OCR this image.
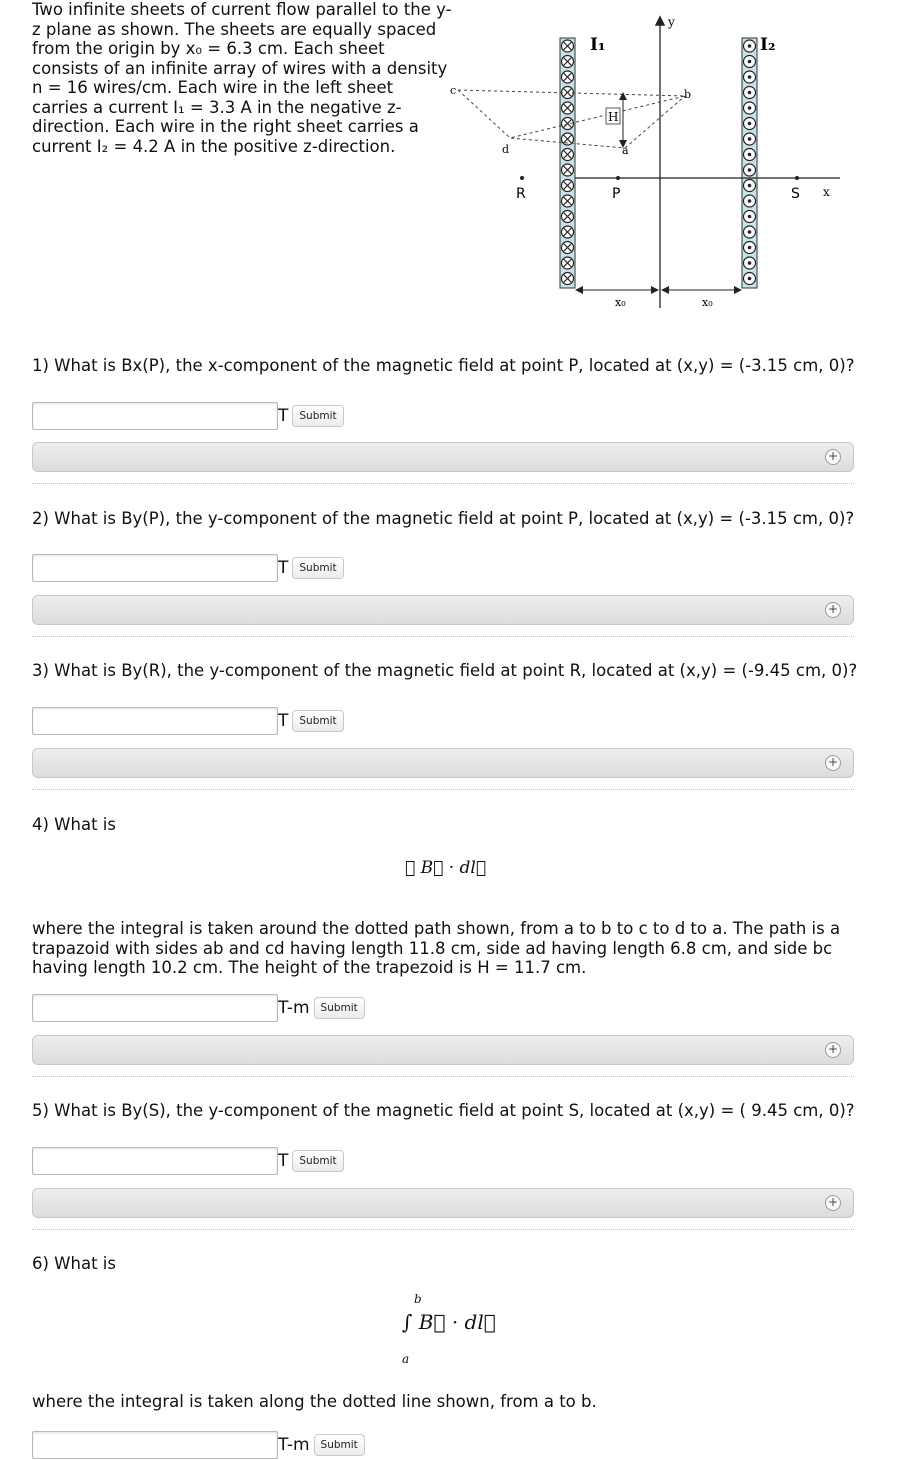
Two infinite sheets of current flow parallel to the y-z plane as shown. The sheets are equally spaced from the origin by x₀ = 6.3 cm. Each sheet consists of an infinite array of wires with a density n = 16 wires/cm. Each wire in the left sheet carries a current I₁ = 3.3 A in the negative z-direction. Each wire in the right sheet carries a current I₂ = 4.2 A in the positive z-direction.

y
x
I₁	I₂
c	b
d	a
H
R	P	S
x₀	x₀

1) What is Bx(P), the x-component of the magnetic field at point P, located at (x,y) = (-3.15 cm, 0)?

T	Submit
+

2) What is By(P), the y-component of the magnetic field at point P, located at (x,y) = (-3.15 cm, 0)?

T	Submit
+

3) What is By(R), the y-component of the magnetic field at point R, located at (x,y) = (-9.45 cm, 0)?

T	Submit
+

4) What is

∮ B⃗ · dl⃗

where the integral is taken around the dotted path shown, from a to b to c to d to a. The path is a trapazoid with sides ab and cd having length 11.8 cm, side ad having length 6.8 cm, and side bc having length 10.2 cm. The height of the trapezoid is H = 11.7 cm.

T-m	Submit
+

5) What is By(S), the y-component of the magnetic field at point S, located at (x,y) = ( 9.45 cm, 0)?

T	Submit
+

6) What is

b
∫ B⃗ · dl⃗
a

where the integral is taken along the dotted line shown, from a to b.

T-m	Submit
